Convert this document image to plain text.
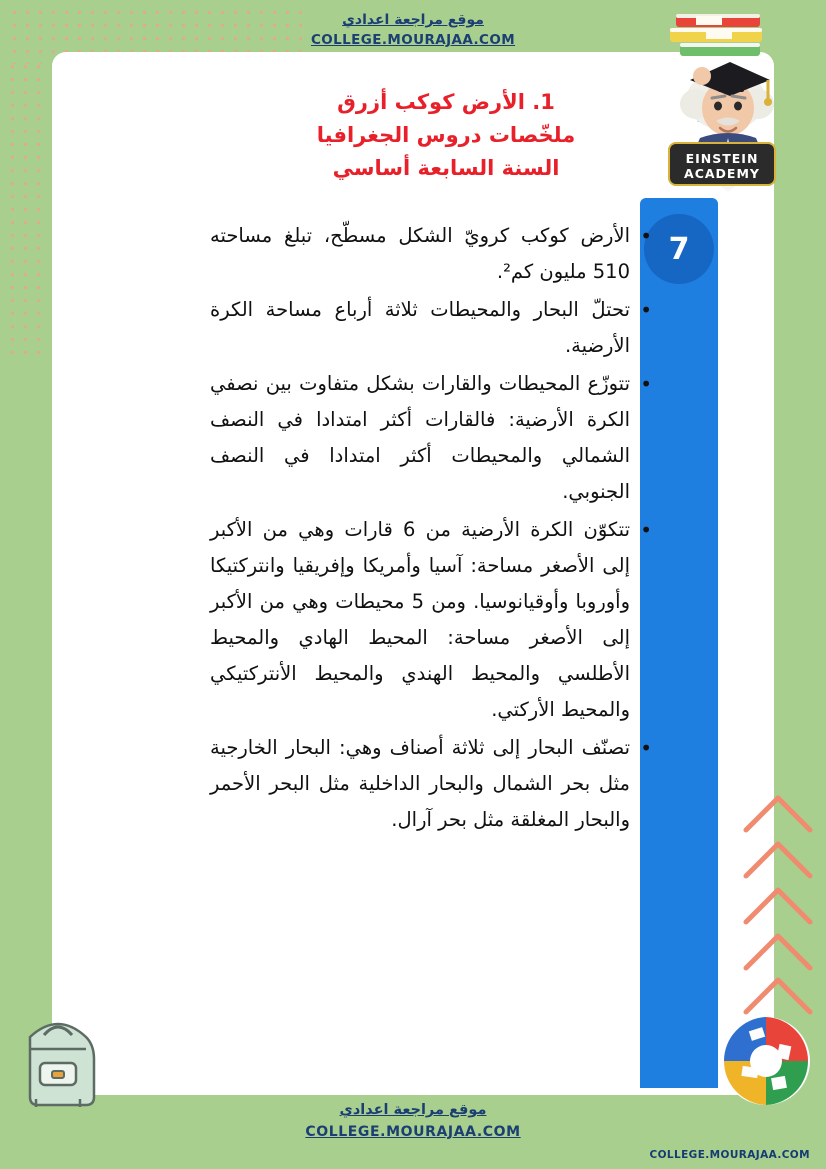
موقع مراجعة اعدادي
COLLEGE.MOURAJAA.COM
EINSTEIN
ACADEMY
7
1. الأرض كوكب أزرق
ملخّصات دروس الجغرافيا
السنة السابعة أساسي
• الأرض كوكب كرويّ الشكل مسطّح، تبلغ مساحته 510 مليون كم².
• تحتلّ البحار والمحيطات ثلاثة أرباع مساحة الكرة الأرضية.
• تتوزّع المحيطات والقارات بشكل متفاوت بين نصفي الكرة الأرضية: فالقارات أكثر امتدادا في النصف الشمالي والمحيطات أكثر امتدادا في النصف الجنوبي.
• تتكوّن الكرة الأرضية من 6 قارات وهي من الأكبر إلى الأصغر مساحة: آسيا وأمريكا وإفريقيا وانتركتيكا وأوروبا وأوقيانوسيا. ومن 5 محيطات وهي من الأكبر إلى الأصغر مساحة: المحيط الهادي والمحيط الأطلسي والمحيط الهندي والمحيط الأنتركتيكي والمحيط الأركتي.
• تصنّف البحار إلى ثلاثة أصناف وهي: البحار الخارجية مثل بحر الشمال والبحار الداخلية مثل البحر الأحمر والبحار المغلقة مثل بحر آرال.
موقع مراجعة اعدادي
COLLEGE.MOURAJAA.COM
COLLEGE.MOURAJAA.COM
